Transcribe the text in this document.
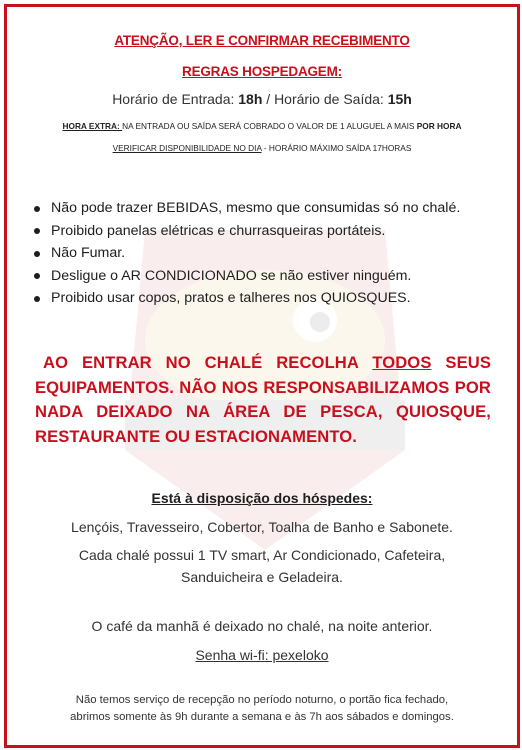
ATENÇÃO, LER E CONFIRMAR RECEBIMENTO
REGRAS HOSPEDAGEM:
Horário de Entrada: 18h / Horário de Saída: 15h
HORA EXTRA: NA ENTRADA OU SAÍDA SERÁ COBRADO O VALOR DE 1 ALUGUEL A MAIS POR HORA
VERIFICAR DISPONIBILIDADE NO DIA - HORÁRIO MÁXIMO SAÍDA 17HORAS
Não pode trazer BEBIDAS, mesmo que consumidas só no chalé.
Proibido panelas elétricas e churrasqueiras portáteis.
Não Fumar.
Desligue o AR CONDICIONADO se não estiver ninguém.
Proibido usar copos, pratos e talheres nos QUIOSQUES.
AO ENTRAR NO CHALÉ RECOLHA TODOS SEUS EQUIPAMENTOS. NÃO NOS RESPONSABILIZAMOS POR NADA DEIXADO NA ÁREA DE PESCA, QUIOSQUE, RESTAURANTE OU ESTACIONAMENTO.
Está à disposição dos hóspedes:
Lençóis, Travesseiro, Cobertor, Toalha de Banho e Sabonete.
Cada chalé possui 1 TV smart, Ar Condicionado, Cafeteira,
Sanduicheira e Geladeira.
O café da manhã é deixado no chalé, na noite anterior.
Senha wi-fi: pexeloko
Não temos serviço de recepção no período noturno, o portão fica fechado,
abrimos somente às 9h durante a semana e às 7h aos sábados e domingos.
